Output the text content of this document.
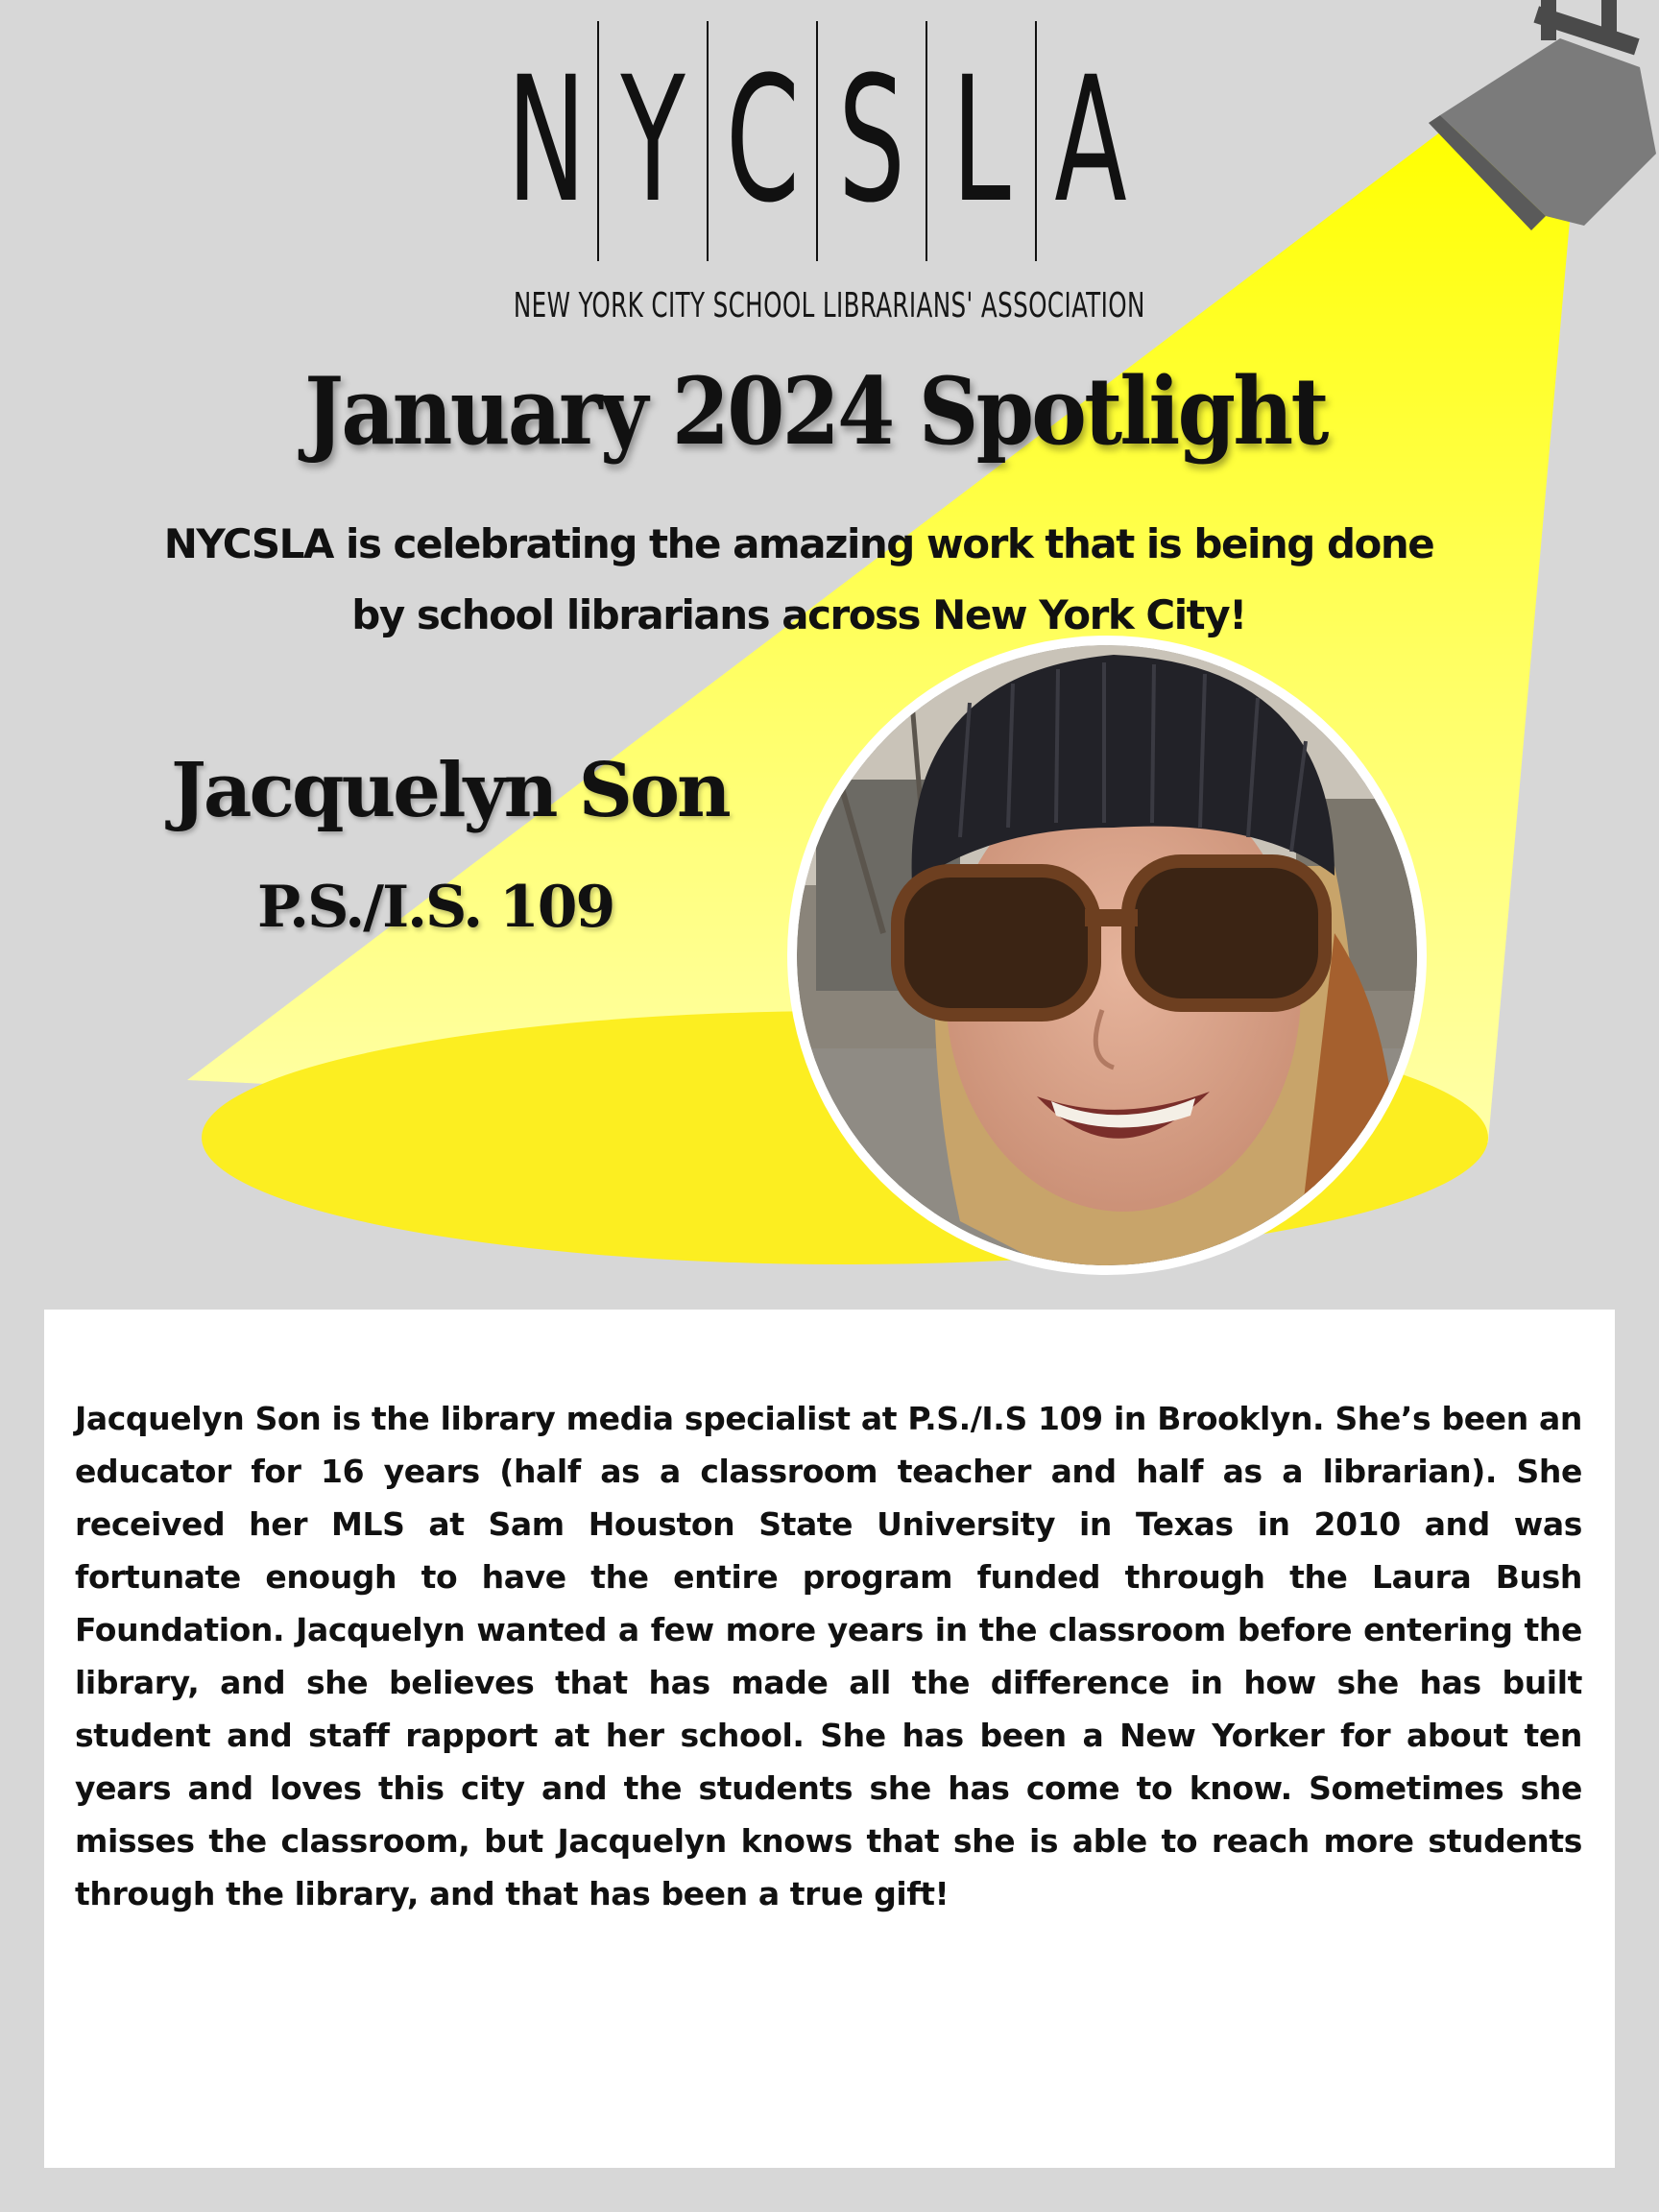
N Y C S L A
NEW YORK CITY SCHOOL LIBRARIANS' ASSOCIATION
January 2024 Spotlight
NYCSLA is celebrating the amazing work that is being done
by school librarians across New York City!
Jacquelyn Son
P.S./I.S. 109
Jacquelyn Son is the library media specialist at P.S./I.S 109 in Brooklyn. She’s been an educator for 16 years (half as a classroom teacher and half as a librarian). She received her MLS at Sam Houston State University in Texas in 2010 and was fortunate enough to have the entire program funded through the Laura Bush Foundation. Jacquelyn wanted a few more years in the classroom before entering the library, and she believes that has made all the difference in how she has built student and staff rapport at her school. She has been a New Yorker for about ten years and loves this city and the students she has come to know. Sometimes she misses the classroom, but Jacquelyn knows that she is able to reach more students through the library, and that has been a true gift!
